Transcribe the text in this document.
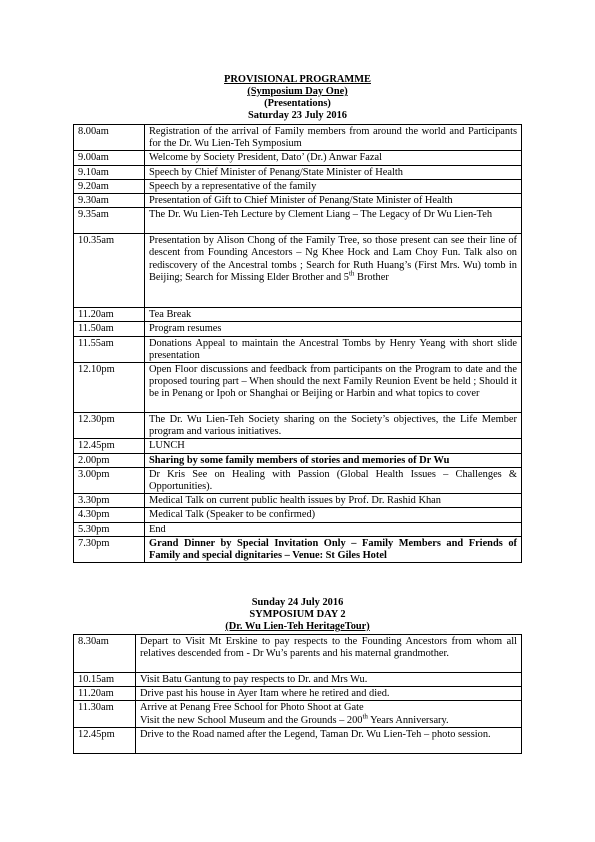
PROVISIONAL PROGRAMME
(Symposium Day One)
(Presentations)
Saturday 23 July 2016
8.00am	Registration of the arrival of Family members from around the world and Participants for the Dr. Wu Lien-Teh Symposium
9.00am	Welcome by Society President, Dato’ (Dr.) Anwar Fazal
9.10am	Speech by Chief Minister of Penang/State Minister of Health
9.20am	Speech by a representative of the family
9.30am	Presentation of Gift to Chief Minister of Penang/State Minister of Health
9.35am	The Dr. Wu Lien-Teh Lecture by Clement Liang – The Legacy of Dr Wu Lien-Teh
10.35am	Presentation by Alison Chong of the Family Tree, so those present can see their line of descent from Founding Ancestors – Ng Khee Hock and Lam Choy Fun. Talk also on rediscovery of the Ancestral tombs ; Search for Ruth Huang’s (First Mrs. Wu) tomb in Beijing; Search for Missing Elder Brother and 5th Brother
11.20am	Tea Break
11.50am	Program resumes
11.55am	Donations Appeal to maintain the Ancestral Tombs by Henry Yeang with short slide presentation
12.10pm	Open Floor discussions and feedback from participants on the Program to date and the proposed touring part – When should the next Family Reunion Event be held ; Should it be in Penang or Ipoh or Shanghai or Beijing or Harbin and what topics to cover
12.30pm	The Dr. Wu Lien-Teh Society sharing on the Society’s objectives, the Life Member program and various initiatives.
12.45pm	LUNCH
2.00pm	Sharing by some family members of stories and memories of Dr Wu
3.00pm	Dr Kris See on Healing with Passion (Global Health Issues – Challenges & Opportunities).
3.30pm	Medical Talk on current public health issues by Prof. Dr. Rashid Khan
4.30pm	Medical Talk (Speaker to be confirmed)
5.30pm	End
7.30pm	Grand Dinner by Special Invitation Only – Family Members and Friends of Family and special dignitaries – Venue: St Giles Hotel
Sunday 24 July 2016
SYMPOSIUM DAY 2
(Dr. Wu Lien-Teh HeritageTour)
8.30am	Depart to Visit Mt Erskine to pay respects to the Founding Ancestors from whom all relatives descended from - Dr Wu’s parents and his maternal grandmother.
10.15am	Visit Batu Gantung to pay respects to Dr. and Mrs Wu.
11.20am	Drive past his house in Ayer Itam where he retired and died.
11.30am	Arrive at Penang Free School for Photo Shoot at Gate
Visit the new School Museum and the Grounds – 200th Years Anniversary.

12.45pm	Drive to the Road named after the Legend, Taman Dr. Wu Lien-Teh – photo session.
